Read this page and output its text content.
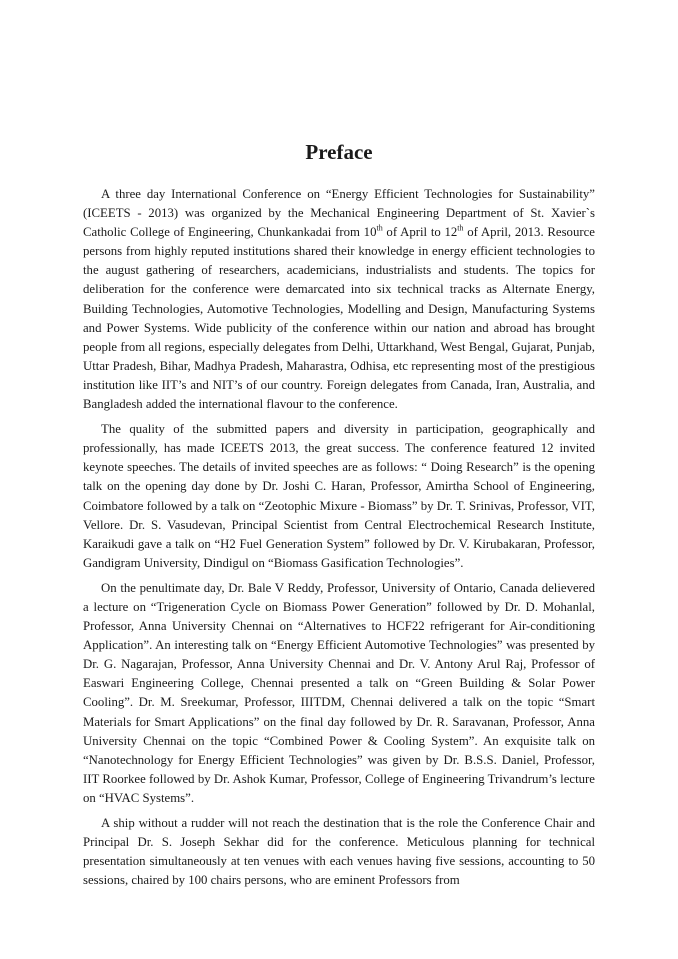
Preface

A three day International Conference on “Energy Efficient Technologies for Sustainability” (ICEETS - 2013) was organized by the Mechanical Engineering Department of St. Xavier`s Catholic College of Engineering, Chunkankadai from 10th of April to 12th of April, 2013. Resource persons from highly reputed institutions shared their knowledge in energy efficient technologies to the august gathering of researchers, academicians, industrialists and students. The topics for deliberation for the conference were demarcated into six technical tracks as Alternate Energy, Building Technologies, Automotive Technologies, Modelling and Design, Manufacturing Systems and Power Systems. Wide publicity of the conference within our nation and abroad has brought people from all regions, especially delegates from Delhi, Uttarkhand, West Bengal, Gujarat, Punjab, Uttar Pradesh, Bihar, Madhya Pradesh, Maharastra, Odhisa, etc representing most of the prestigious institution like IIT’s and NIT’s of our country. Foreign delegates from Canada, Iran, Australia, and Bangladesh added the international flavour to the conference.

The quality of the submitted papers and diversity in participation, geographically and professionally, has made ICEETS 2013, the great success. The conference featured 12 invited keynote speeches. The details of invited speeches are as follows: “ Doing Research” is the opening talk on the opening day done by Dr. Joshi C. Haran, Professor, Amirtha School of Engineering, Coimbatore followed by a talk on “Zeotophic Mixure - Biomass” by Dr. T. Srinivas, Professor, VIT, Vellore. Dr. S. Vasudevan, Principal Scientist from Central Electrochemical Research Institute, Karaikudi gave a talk on “H2 Fuel Generation System” followed by Dr. V. Kirubakaran, Professor, Gandigram University, Dindigul on “Biomass Gasification Technologies”.

On the penultimate day, Dr. Bale V Reddy, Professor, University of Ontario, Canada delievered a lecture on “Trigeneration Cycle on Biomass Power Generation” followed by Dr. D. Mohanlal, Professor, Anna University Chennai on “Alternatives to HCF22 refrigerant for Air-conditioning Application”. An interesting talk on “Energy Efficient Automotive Technologies” was presented by Dr. G. Nagarajan, Professor, Anna University Chennai and Dr. V. Antony Arul Raj, Professor of Easwari Engineering College, Chennai presented a talk on “Green Building & Solar Power Cooling”. Dr. M. Sreekumar, Professor, IIITDM, Chennai delivered a talk on the topic “Smart Materials for Smart Applications” on the final day followed by Dr. R. Saravanan, Professor, Anna University Chennai on the topic “Combined Power & Cooling System”. An exquisite talk on “Nanotechnology for Energy Efficient Technologies” was given by Dr. B.S.S. Daniel, Professor, IIT Roorkee followed by Dr. Ashok Kumar, Professor, College of Engineering Trivandrum’s lecture on “HVAC Systems”.

A ship without a rudder will not reach the destination that is the role the Conference Chair and Principal Dr. S. Joseph Sekhar did for the conference. Meticulous planning for technical presentation simultaneously at ten venues with each venues having five sessions, accounting to 50 sessions, chaired by 100 chairs persons, who are eminent Professors from
